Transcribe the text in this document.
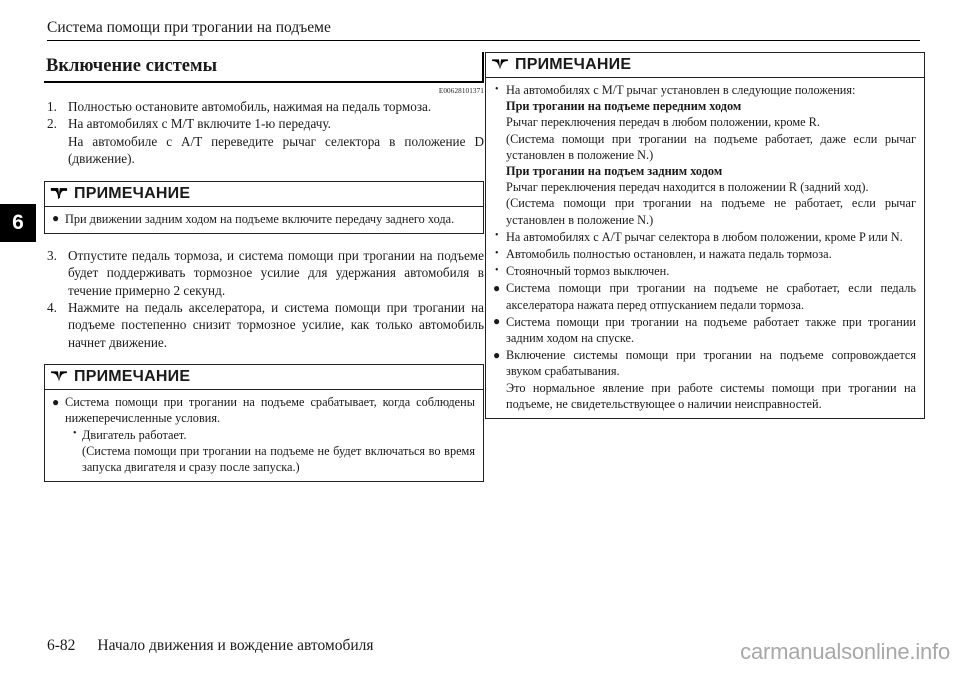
Система помощи при трогании на подъеме
6
Включение системы
E00628101371
1. Полностью остановите автомобиль, нажимая на педаль тормоза.

2. На автомобилях с M/T включите 1-ю передачу.

На автомобиле с A/T переведите рычаг селектора в положение D (движение).

ПРИМЕЧАНИЕ
● При движении задним ходом на подъеме включите передачу заднего хода.

3. Отпустите педаль тормоза, и система помощи при трогании на подъеме будет поддерживать тормозное усилие для удержания автомобиля в течение примерно 2 секунд.

4. Нажмите на педаль акселератора, и система помощи при трогании на подъеме постепенно снизит тормозное усилие, как только автомобиль начнет движение.

ПРИМЕЧАНИЕ
● Система помощи при трогании на подъеме срабатывает, когда соблюдены нижеперечисленные условия.

• Двигатель работает.

(Система помощи при трогании на подъеме не будет включаться во время запуска двигателя и сразу после запуска.)

ПРИМЕЧАНИЕ
• На автомобилях с M/T рычаг установлен в следующие положения:

При трогании на подъеме передним ходом

Рычаг переключения передач в любом положении, кроме R.

(Система помощи при трогании на подъеме работает, даже если рычаг установлен в положение N.)

При трогании на подъем задним ходом

Рычаг переключения передач находится в положении R (задний ход).

(Система помощи при трогании на подъеме не работает, если рычаг установлен в положение N.)

• На автомобилях с A/T рычаг селектора в любом положении, кроме P или N.

• Автомобиль полностью остановлен, и нажата педаль тормоза.

• Стояночный тормоз выключен.

● Система помощи при трогании на подъеме не сработает, если педаль акселератора нажата перед отпусканием педали тормоза.

● Система помощи при трогании на подъеме работает также при трогании задним ходом на спуске.

● Включение системы помощи при трогании на подъеме сопровождается звуком срабатывания.

Это нормальное явление при работе системы помощи при трогании на подъеме, не свидетельствующее о наличии неисправностей.

6-82 Начало движения и вождение автомобиля	carmanualsonline.info
